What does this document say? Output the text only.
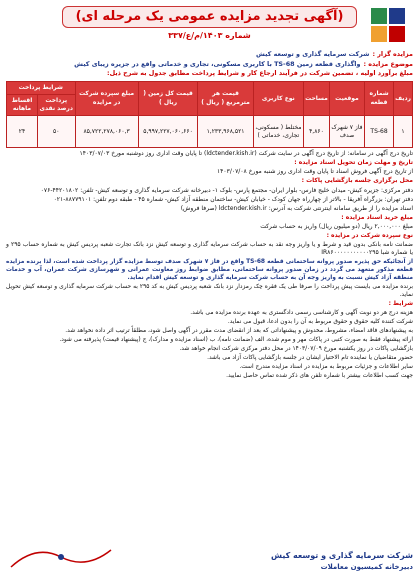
(آگهی تجدید مزایده عمومی یک مرحله ای)
شماره ۱۴۰۳/م/ع/۳۳۷
مزایده گزار :
شرکت سرمایه گذاری و توسعه کیش
موضوع مزایده :
واگذاری قطعه زمین 68-TS با کاربری مسکونی، تجاری و خدماتی واقع در جزیره زیبای کیش
مبلغ برآورد اولیه ، تضمین شرکت در فرآیند ارجاع کار و شرایط پرداخت مطابق جدول به شرح ذیل:
ردیف	شماره قطعه	موقعیت	مساحت	نوع کاربری	قیمت هر مترمربع ( ریال )	قیمت کل زمین ( ریال )	مبلغ سپرده شرکت در مزایده	شرایط پرداخت	
								پرداخت درصد نقدی	اقساط ماهانه
۱	TS-68	فاز ۷ شهرک صدف	۴,۸۶۰	مختلط ( مسکونی، تجاری، خدماتی )	۱,۲۳۳,۹۶۸,۵۲۱	۵,۹۹۷,۲۲۷,۰۶۰,۶۶۰	۸۵,۷۲۲,۲۷۸,۰۶۰,۳	۵۰	۲۴

تاریخ درج آگهی در سامانه: از تاریخ درج آگهی در سایت شرکت (ldctender.kish.ir) تا پایان وقت اداری روز دوشنبه مورخ ۱۴۰۳/۰۷/۰۳

تاریخ و مهلت زمان تحویل اسناد مزایده :

از تاریخ درج آگهی فروش اسناد تا پایان وقت اداری روز شنبه مورخ ۱۴۰۳/۰۷/۰۸

محل برگزاری جلسه بازگشایی پاکات :

دفتر مرکزی: جزیره کیش- میدان خلیج فارس- بلوار ایران- مجتمع پارس- بلوک ۱- دبیرخانه شرکت سرمایه گذاری و توسعه کیش- تلفن: ۴۴۲۰۱۸۰۲-۰۷۶

دفتر تهران: بزرگراه آفریقا - بالاتر از چهارراه جهان کودک - خیابان کیش- ساختمان منطقه آزاد کیش- شماره ۴۵ - طبقه دوم تلفن: ۸۸۷۷۹۱۰۱-۰۲۱

اسناد مزایده را از طریق سامانه اینترنتی شرکت به آدرس: ldctender.kish.ir (صرفا فروش)

مبلغ خرید اسناد مزایده :

مبلغ ۲,۰۰۰,۰۰۰ ریال (دو میلیون ریال) واریز به حساب شرکت

نوع سپرده شرکت در مزایده :

ضمانت نامه بانکی بدون قید و شرط و یا واریز وجه نقد به حساب شرکت سرمایه گذاری و توسعه کیش نزد بانک تجارت شعبه پردیس کیش به شماره حساب ۲۹۵ و یا شماره شبا IR۸۶۰۰۰۰۰۰۰۰۰۰۰۲۹۵

از آنجائیکه حق پذیره صدور پروانه ساختمانی قطعه TS-68 واقع در فاز ۷ شهرک صدف توسط مزایده گزار پرداخت شده است، لذا برنده مزایده قطعه مذکور متعهد می گردد در زمان صدور پروانه ساختمانی، مطابق ضوابط روز معاونت عمرانی و شهرسازی شرکت عمران، آب و خدمات منطقه آزاد کیش نسبت به واریز وجه آن به حساب شرکت سرمایه گذاری و توسعه کیش اقدام نماید.

برنده مزایده می بایست پیش پرداخت را صرفا طی یک فقره چک رمزدار نزد بانک شعبه پردیس کیش به کد ۲۹۵ به حساب شرکت سرمایه گذاری و توسعه کیش تحویل نماید.

شرایط :

هزینه درج هر دو نوبت آگهی و کارشناسی رسمی دادگستری به عهده برنده مزایده می باشد.

شرکت کننده کلیه حقوق و حقوق مربوط به آن را بدون ادعا، قبول می نماید.

به پیشنهادهای فاقد امضاء، مشروط، مخدوش و پیشنهاداتی که بعد از انقضای مدت مقرر در آگهی واصل شود، مطلقاً ترتیب اثر داده نخواهد شد.

ارائه پیشنهاد فقط به صورت کتبی در پاکات مهر و موم شده، الف (ضمانت نامه)، ب (اسناد مزایده و مدارک)، ج (پیشنهاد قیمت) پذیرفته می شود.

بازگشایی پاکات در روز یکشنبه مورخ ۱۴۰۳/۰۷/۰۹ در محل دفتر مرکزی شرکت انجام خواهد شد.

حضور متقاضیان یا نماینده تام الاختیار ایشان در جلسه بازگشایی پاکات آزاد می باشد.

سایر اطلاعات و جزئیات مربوط به مزایده در اسناد مزایده مندرج است.

جهت کسب اطلاعات بیشتر با شماره تلفن های ذکر شده تماس حاصل نمایید.

شرکت سرمایه گذاری و توسعه کیش
دبیرخانه کمیسیون معاملات
